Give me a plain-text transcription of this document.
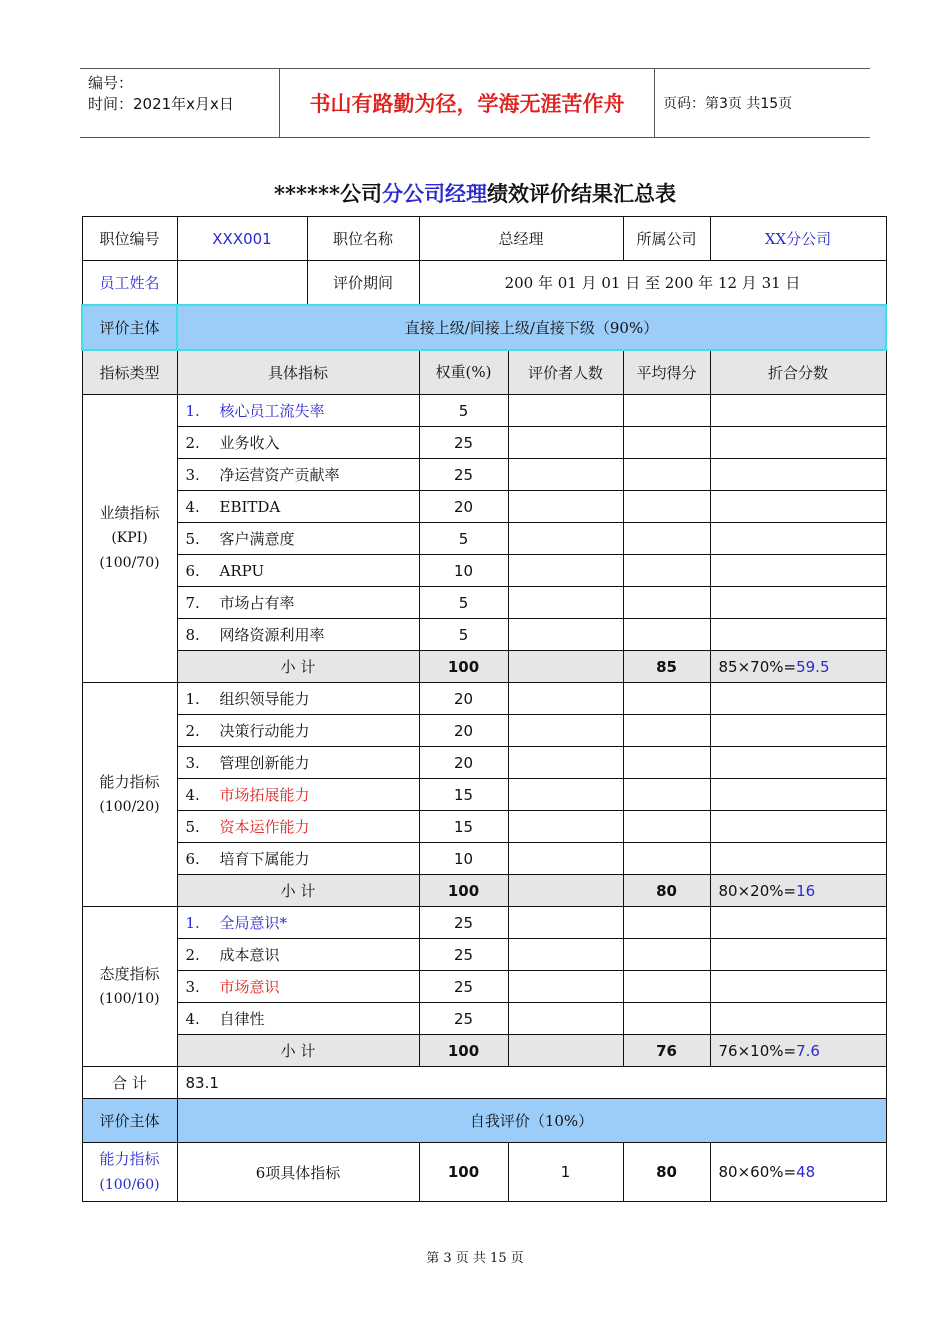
编号：
时间：2021年x月x日	书山有路勤为径，学海无涯苦作舟	页码：第3页 共15页
******公司分公司经理绩效评价结果汇总表
职位编号	XXX001	职位名称	总经理		所属公司	XX分公司
员工姓名		评价期间	200 年 01 月 01 日 至 200 年 12 月 31 日			
评价主体	直接上级/间接上级/直接下级（90%）					
指标类型	具体指标		权重(%)	评价者人数	平均得分	折合分数

业绩指标
(KPI)
(100/70)	1. 核心员工流失率		5			
	2. 业务收入		25			
	3. 净运营资产贡献率		25			
	4. EBITDA		20			
	5. 客户满意度		5			
	6. ARPU		10			
	7. 市场占有率		5			
	8. 网络资源利用率		5			
	小 计		100		85	85×70%=59.5

能力指标
(100/20)	1. 组织领导能力		20			
	2. 决策行动能力		20			
	3. 管理创新能力		20			
	4. 市场拓展能力		15			
	5. 资本运作能力		15			
	6. 培育下属能力		10			
	小 计		100		80	80×20%=16

态度指标
(100/10)	1. 全局意识*		25			
	2. 成本意识		25			
	3. 市场意识		25			
	4. 自律性		25			
	小 计		100		76	76×10%=7.6
合 计	83.1					
评价主体	自我评价（10%）					

能力指标
(100/60)	6项具体指标		100	1	80	80×60%=48
第 3 页 共 15 页
